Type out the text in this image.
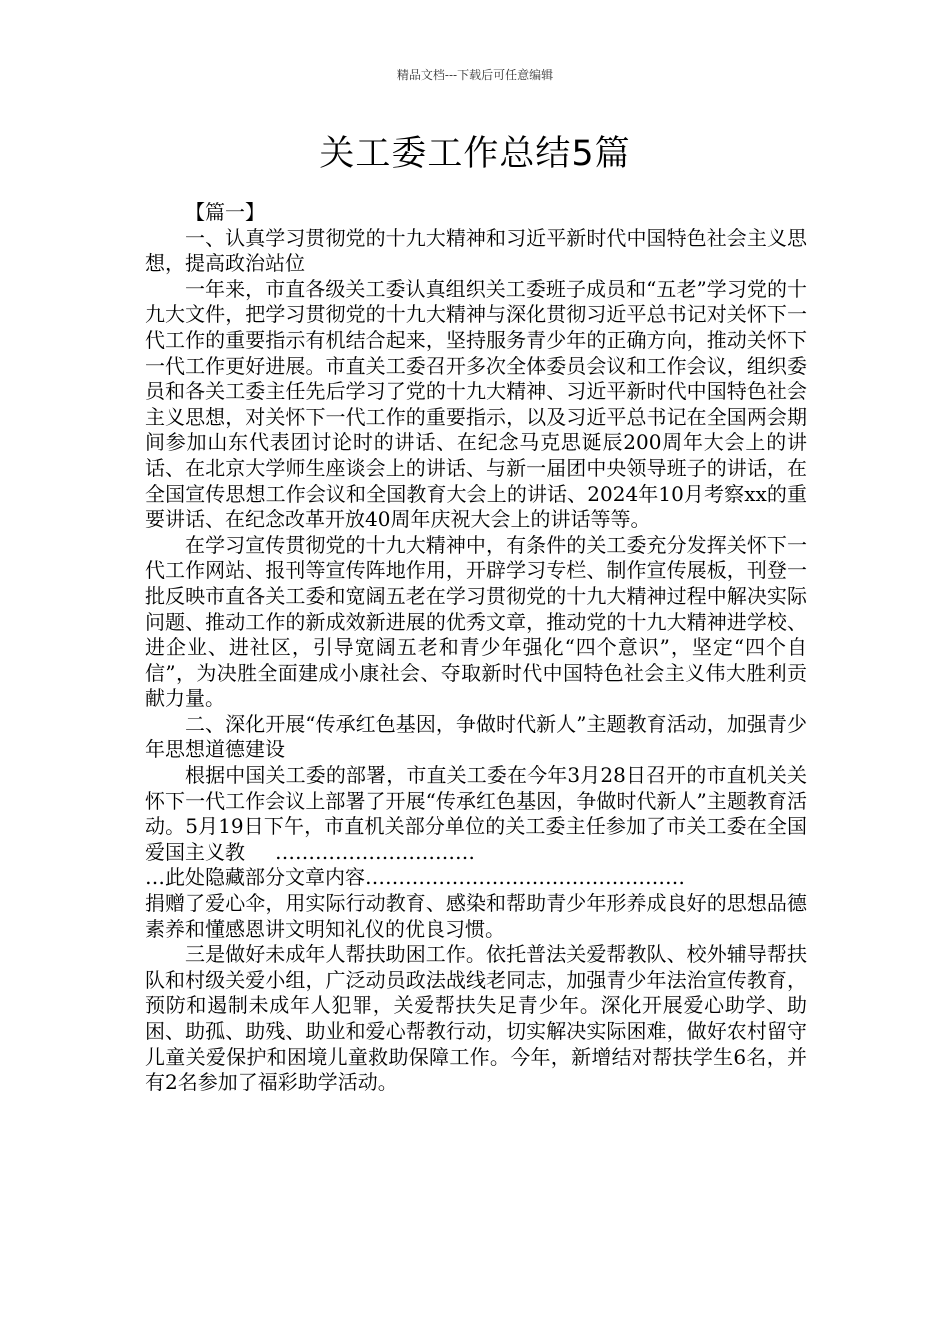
精品文档---下载后可任意编辑
关工委工作总结5篇

【篇一】

一、认真学习贯彻党的十九大精神和习近平新时代中国特色社会主义思想，提高政治站位

一年来，市直各级关工委认真组织关工委班子成员和“五老”学习党的十九大文件，把学习贯彻党的十九大精神与深化贯彻习近平总书记对关怀下一代工作的重要指示有机结合起来，坚持服务青少年的正确方向，推动关怀下一代工作更好进展。市直关工委召开多次全体委员会议和工作会议，组织委员和各关工委主任先后学习了党的十九大精神、习近平新时代中国特色社会主义思想，对关怀下一代工作的重要指示，以及习近平总书记在全国两会期间参加山东代表团讨论时的讲话、在纪念马克思诞辰200周年大会上的讲话、在北京大学师生座谈会上的讲话、与新一届团中央领导班子的讲话，在全国宣传思想工作会议和全国教育大会上的讲话、2024年10月考察xx的重要讲话、在纪念改革开放40周年庆祝大会上的讲话等等。

在学习宣传贯彻党的十九大精神中，有条件的关工委充分发挥关怀下一代工作网站、报刊等宣传阵地作用，开辟学习专栏、制作宣传展板，刊登一批反映市直各关工委和宽阔五老在学习贯彻党的十九大精神过程中解决实际问题、推动工作的新成效新进展的优秀文章，推动党的十九大精神进学校、进企业、进社区，引导宽阔五老和青少年强化“四个意识”，坚定“四个自信”，为决胜全面建成小康社会、夺取新时代中国特色社会主义伟大胜利贡献力量。

二、深化开展“传承红色基因，争做时代新人”主题教育活动，加强青少年思想道德建设

根据中国关工委的部署，市直关工委在今年3月28日召开的市直机关关怀下一代工作会议上部署了开展“传承红色基因，争做时代新人”主题教育活动。5月19日下午，市直机关部分单位的关工委主任参加了市关工委在全国爱国主义教 …………………………

…此处隐藏部分文章内容…………………………………………

捐赠了爱心伞，用实际行动教育、感染和帮助青少年形养成良好的思想品德素养和懂感恩讲文明知礼仪的优良习惯。

三是做好未成年人帮扶助困工作。依托普法关爱帮教队、校外辅导帮扶队和村级关爱小组，广泛动员政法战线老同志，加强青少年法治宣传教育，预防和遏制未成年人犯罪，关爱帮扶失足青少年。深化开展爱心助学、助困、助孤、助残、助业和爱心帮教行动，切实解决实际困难，做好农村留守儿童关爱保护和困境儿童救助保障工作。今年，新增结对帮扶学生6名，并有2名参加了福彩助学活动。
